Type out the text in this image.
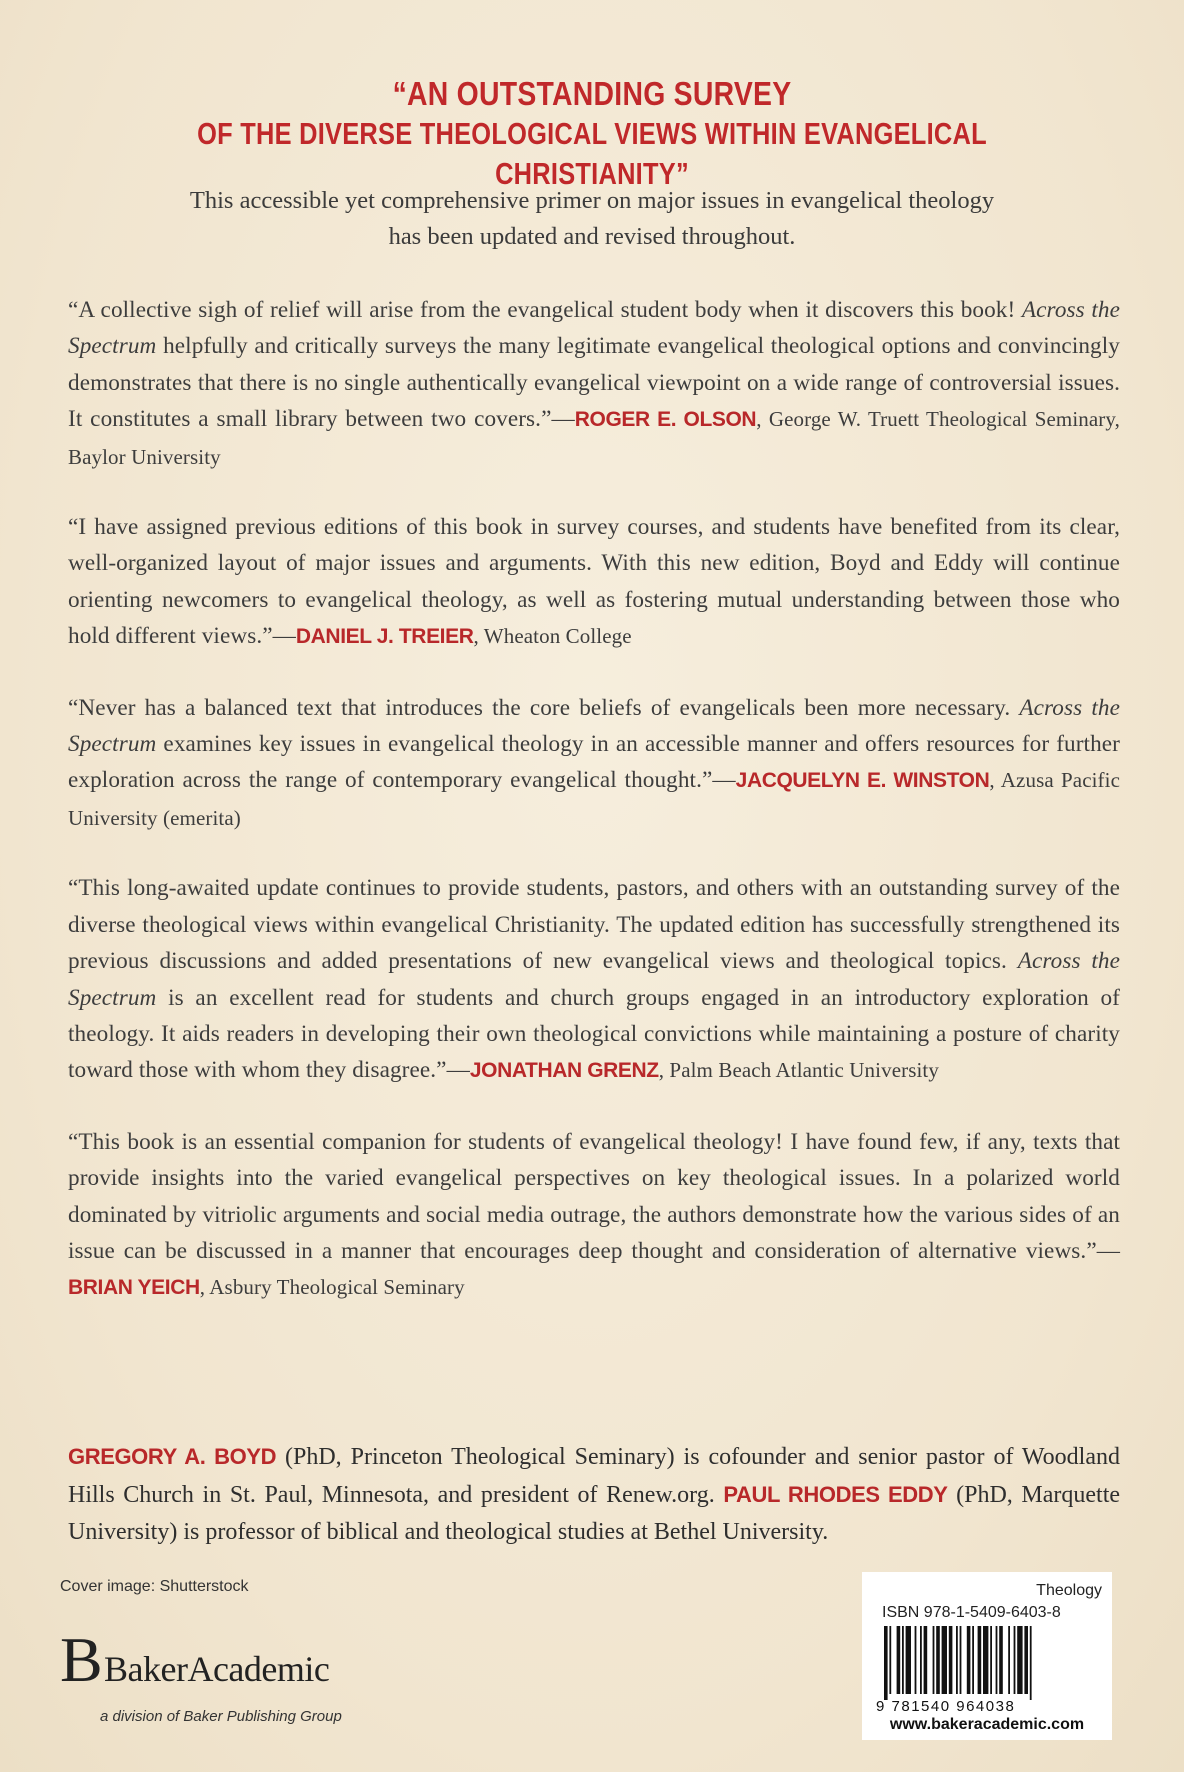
“AN OUTSTANDING SURVEY
OF THE DIVERSE THEOLOGICAL VIEWS WITHIN EVANGELICAL CHRISTIANITY”
This accessible yet comprehensive primer on major issues in evangelical theology
has been updated and revised throughout.

“A collective sigh of relief will arise from the evangelical student body when it discovers this book! Across the Spectrum helpfully and critically surveys the many legitimate evangelical theological options and convincingly demonstrates that there is no single authentically evangelical viewpoint on a wide range of controversial issues. It constitutes a small library between two covers.”—ROGER E. OLSON, George W. Truett Theological Seminary, Baylor University

“I have assigned previous editions of this book in survey courses, and students have benefited from its clear, well-organized layout of major issues and arguments. With this new edition, Boyd and Eddy will continue orienting newcomers to evangelical theology, as well as fostering mutual understanding between those who hold different views.”—DANIEL J. TREIER, Wheaton College

“Never has a balanced text that introduces the core beliefs of evangelicals been more necessary. Across the Spectrum examines key issues in evangelical theology in an accessible manner and offers resources for further exploration across the range of contemporary evangelical thought.”—JACQUELYN E. WINSTON, Azusa Pacific University (emerita)

“This long-awaited update continues to provide students, pastors, and others with an outstanding survey of the diverse theological views within evangelical Christianity. The updated edition has successfully strengthened its previous discussions and added presentations of new evangelical views and theological topics. Across the Spectrum is an excellent read for students and church groups engaged in an introductory exploration of theology. It aids readers in developing their own theological convictions while maintaining a posture of charity toward those with whom they disagree.”—JONATHAN GRENZ, Palm Beach Atlantic University

“This book is an essential companion for students of evangelical theology! I have found few, if any, texts that provide insights into the varied evangelical perspectives on key theological issues. In a polarized world dominated by vitriolic arguments and social media outrage, the authors demonstrate how the various sides of an issue can be discussed in a manner that encourages deep thought and consideration of alternative views.”—BRIAN YEICH, Asbury Theological Seminary

GREGORY A. BOYD (PhD, Princeton Theological Seminary) is cofounder and senior pastor of Woodland Hills Church in St. Paul, Minnesota, and president of Renew.org. PAUL RHODES EDDY (PhD, Marquette University) is professor of biblical and theological studies at Bethel University.

Cover image: Shutterstock
B BakerAcademic
a division of Baker Publishing Group
Theology
ISBN 978-1-5409-6403-8
9 781540 964038
www.bakeracademic.com
